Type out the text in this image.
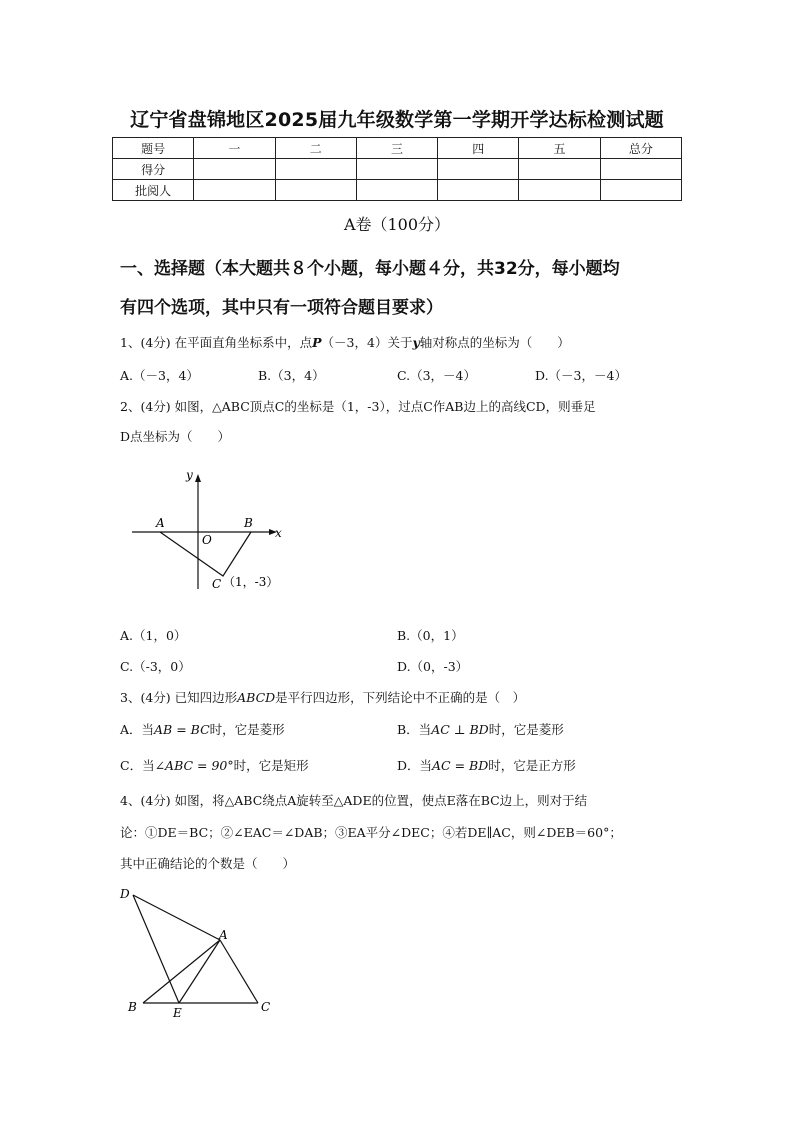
辽宁省盘锦地区2025届九年级数学第一学期开学达标检测试题
题号	一	二	三	四	五	总分
得分						
批阅人						
A卷（100分）
一、选择题（本大题共８个小题，每小题４分，共32分，每小题均
有四个选项，其中只有一项符合题目要求）
1、(4分) 在平面直角坐标系中，点P（－3，4）关于y轴对称点的坐标为（　　）
A.（－3，4）	B.（3，4）	C.（3，－4）	D.（－3，－4）
2、(4分) 如图，△ABC顶点C的坐标是（1，-3），过点C作AB边上的高线CD，则垂足
D点坐标为（　　）
y
x
A	B
O
C （1，-3）
A.（1，0）	B.（0，1）
C.（-3，0）	D.（0，-3）
3、(4分) 已知四边形ABCD是平行四边形，下列结论中不正确的是（　）
A．当AB = BC时，它是菱形	B．当AC ⊥ BD时，它是菱形
C．当∠ABC = 90°时，它是矩形	D．当AC = BD时，它是正方形
4、(4分) 如图，将△ABC绕点A旋转至△ADE的位置，使点E落在BC边上，则对于结
论：①DE＝BC；②∠EAC＝∠DAB；③EA平分∠DEC；④若DE∥AC，则∠DEB＝60°；
其中正确结论的个数是（　　）
D
A
B	E	C
